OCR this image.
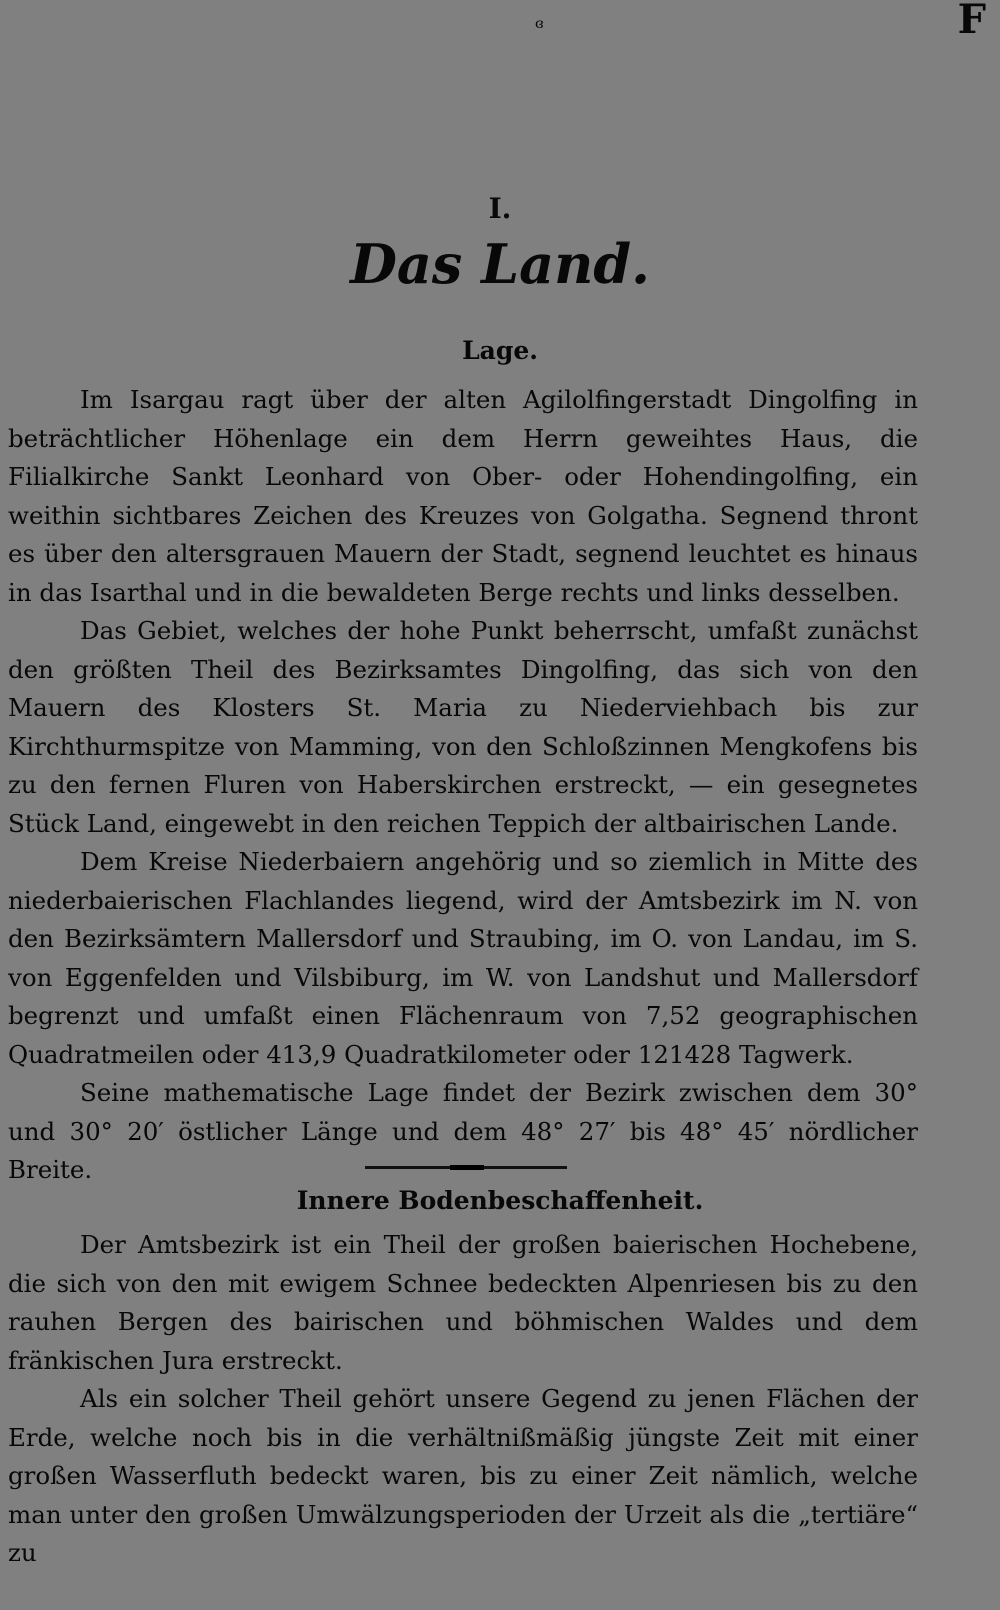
F
ɞ
I.
Das Land.
Lage.

Im Isargau ragt über der alten Agilolfingerstadt Dingolfing in beträchtlicher Höhenlage ein dem Herrn geweihtes Haus, die Filialkirche Sankt Leonhard von Ober- oder Hohendingolfing, ein weithin sichtbares Zeichen des Kreuzes von Golgatha. Segnend thront es über den altersgrauen Mauern der Stadt, segnend leuchtet es hinaus in das Isarthal und in die bewaldeten Berge rechts und links desselben.

Das Gebiet, welches der hohe Punkt beherrscht, umfaßt zunächst den größten Theil des Bezirksamtes Dingolfing, das sich von den Mauern des Klosters St. Maria zu Niederviehbach bis zur Kirchthurmspitze von Mamming, von den Schloßzinnen Mengkofens bis zu den fernen Fluren von Haberskirchen erstreckt, — ein gesegnetes Stück Land, eingewebt in den reichen Teppich der altbairischen Lande.

Dem Kreise Niederbaiern angehörig und so ziemlich in Mitte des niederbaierischen Flachlandes liegend, wird der Amtsbezirk im N. von den Bezirksämtern Mallersdorf und Straubing, im O. von Landau, im S. von Eggenfelden und Vilsbiburg, im W. von Landshut und Mallersdorf begrenzt und umfaßt einen Flächenraum von 7,52 geographischen Quadratmeilen oder 413,9 Quadratkilometer oder 121428 Tagwerk.

Seine mathematische Lage findet der Bezirk zwischen dem 30° und 30° 20′ östlicher Länge und dem 48° 27′ bis 48° 45′ nördlicher Breite.

Innere Bodenbeschaffenheit.

Der Amtsbezirk ist ein Theil der großen baierischen Hochebene, die sich von den mit ewigem Schnee bedeckten Alpenriesen bis zu den rauhen Bergen des bairischen und böhmischen Waldes und dem fränkischen Jura erstreckt.

Als ein solcher Theil gehört unsere Gegend zu jenen Flächen der Erde, welche noch bis in die verhältnißmäßig jüngste Zeit mit einer großen Wasserfluth bedeckt waren, bis zu einer Zeit nämlich, welche man unter den großen Umwälzungsperioden der Urzeit als die „tertiäre“ zu
